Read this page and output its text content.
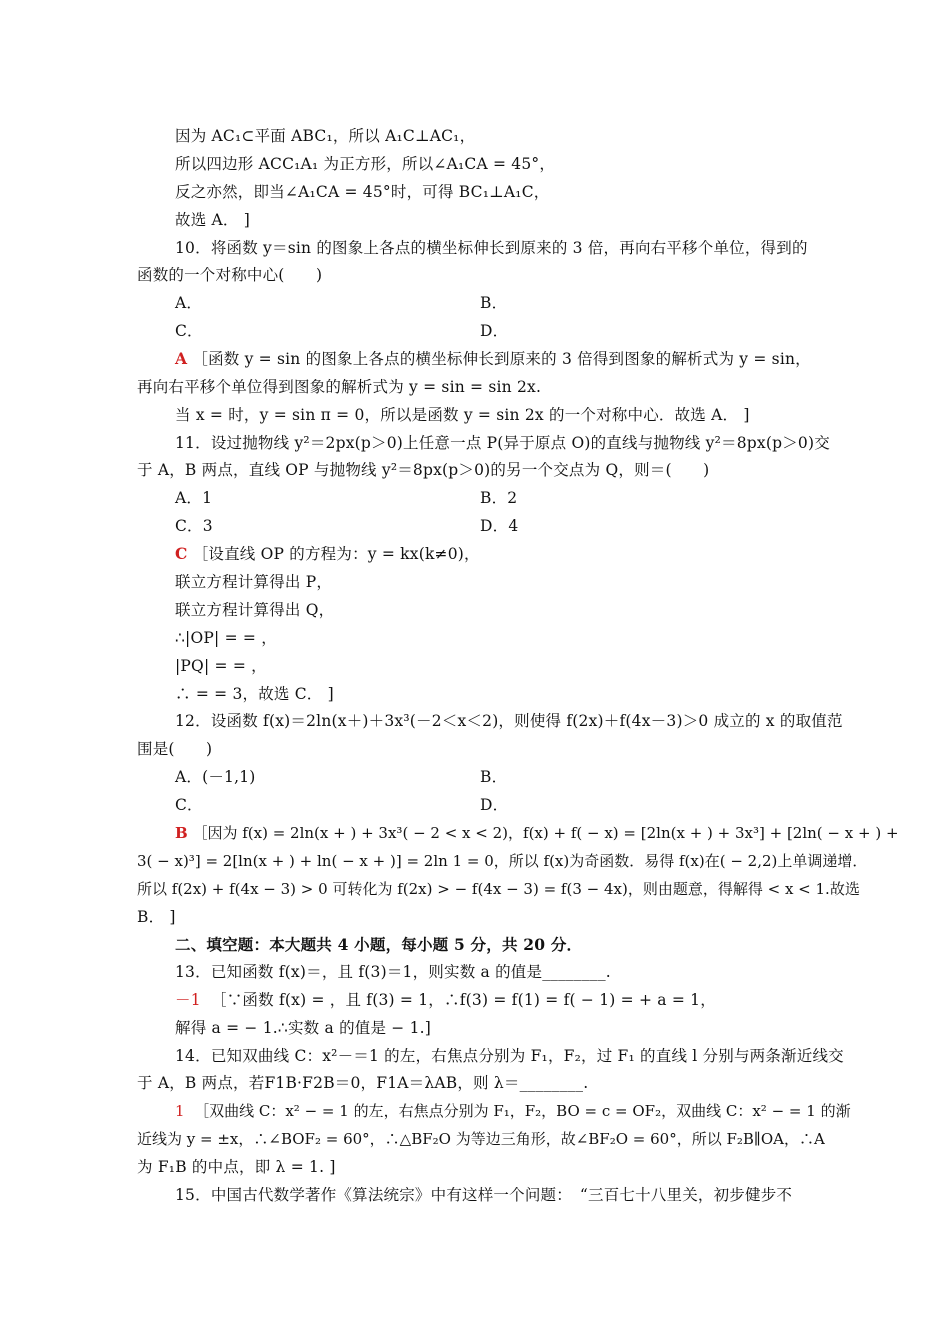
因为 AC₁⊂平面 ABC₁，所以 A₁C⊥AC₁，
所以四边形 ACC₁A₁ 为正方形，所以∠A₁CA = 45°，
反之亦然，即当∠A₁CA = 45°时，可得 BC₁⊥A₁C，
故选 A． ]
10．将函数 y＝sin 的图象上各点的横坐标伸长到原来的 3 倍，再向右平移个单位，得到的
函数的一个对称中心(　　)
A．	B．
C．	D．
A ［函数 y = sin 的图象上各点的横坐标伸长到原来的 3 倍得到图象的解析式为 y = sin，
再向右平移个单位得到图象的解析式为 y = sin = sin 2x.
当 x = 时，y = sin π = 0，所以是函数 y = sin 2x 的一个对称中心．故选 A． ]
11．设过抛物线 y²＝2px(p＞0)上任意一点 P(异于原点 O)的直线与抛物线 y²＝8px(p＞0)交
于 A，B 两点，直线 OP 与抛物线 y²＝8px(p＞0)的另一个交点为 Q，则＝(　　)
A．1	B．2
C．3	D．4
C ［设直线 OP 的方程为：y = kx(k≠0)，
联立方程计算得出 P，
联立方程计算得出 Q，
∴|OP| = = ，
|PQ| = = ，
∴ = = 3，故选 C． ]
12．设函数 f(x)＝2ln(x＋)＋3x³(－2＜x＜2)，则使得 f(2x)＋f(4x－3)＞0 成立的 x 的取值范
围是(　　)
A．(－1,1)	B．
C．	D．
B ［因为 f(x) = 2ln(x + ) + 3x³( − 2 < x < 2)，f(x) + f( − x) = [2ln(x + ) + 3x³] + [2ln( − x + ) +
3( − x)³] = 2[ln(x + ) + ln( − x + )] = 2ln 1 = 0，所以 f(x)为奇函数．易得 f(x)在( − 2,2)上单调递增．
所以 f(2x) + f(4x − 3) > 0 可转化为 f(2x) > − f(4x − 3) = f(3 − 4x)，则由题意，得解得 < x < 1.故选
B． ]
二、填空题：本大题共 4 小题，每小题 5 分，共 20 分．
13．已知函数 f(x)＝，且 f(3)＝1，则实数 a 的值是________.
－1 ［∵函数 f(x) = ，且 f(3) = 1，∴f(3) = f(1) = f( − 1) = + a = 1，
解得 a = − 1.∴实数 a 的值是 − 1.]
14．已知双曲线 C：x²－＝1 的左，右焦点分别为 F₁，F₂，过 F₁ 的直线 l 分别与两条渐近线交
于 A，B 两点，若F1B·F2B＝0，F1A＝λAB，则 λ＝________.
1 ［双曲线 C：x² − = 1 的左，右焦点分别为 F₁，F₂，BO = c = OF₂，双曲线 C：x² − = 1 的渐
近线为 y = ±x，∴∠BOF₂ = 60°，∴△BF₂O 为等边三角形，故∠BF₂O = 60°，所以 F₂B∥OA，∴A
为 F₁B 的中点，即 λ = 1. ]
15．中国古代数学著作《算法统宗》中有这样一个问题：　“三百七十八里关，初步健步不
